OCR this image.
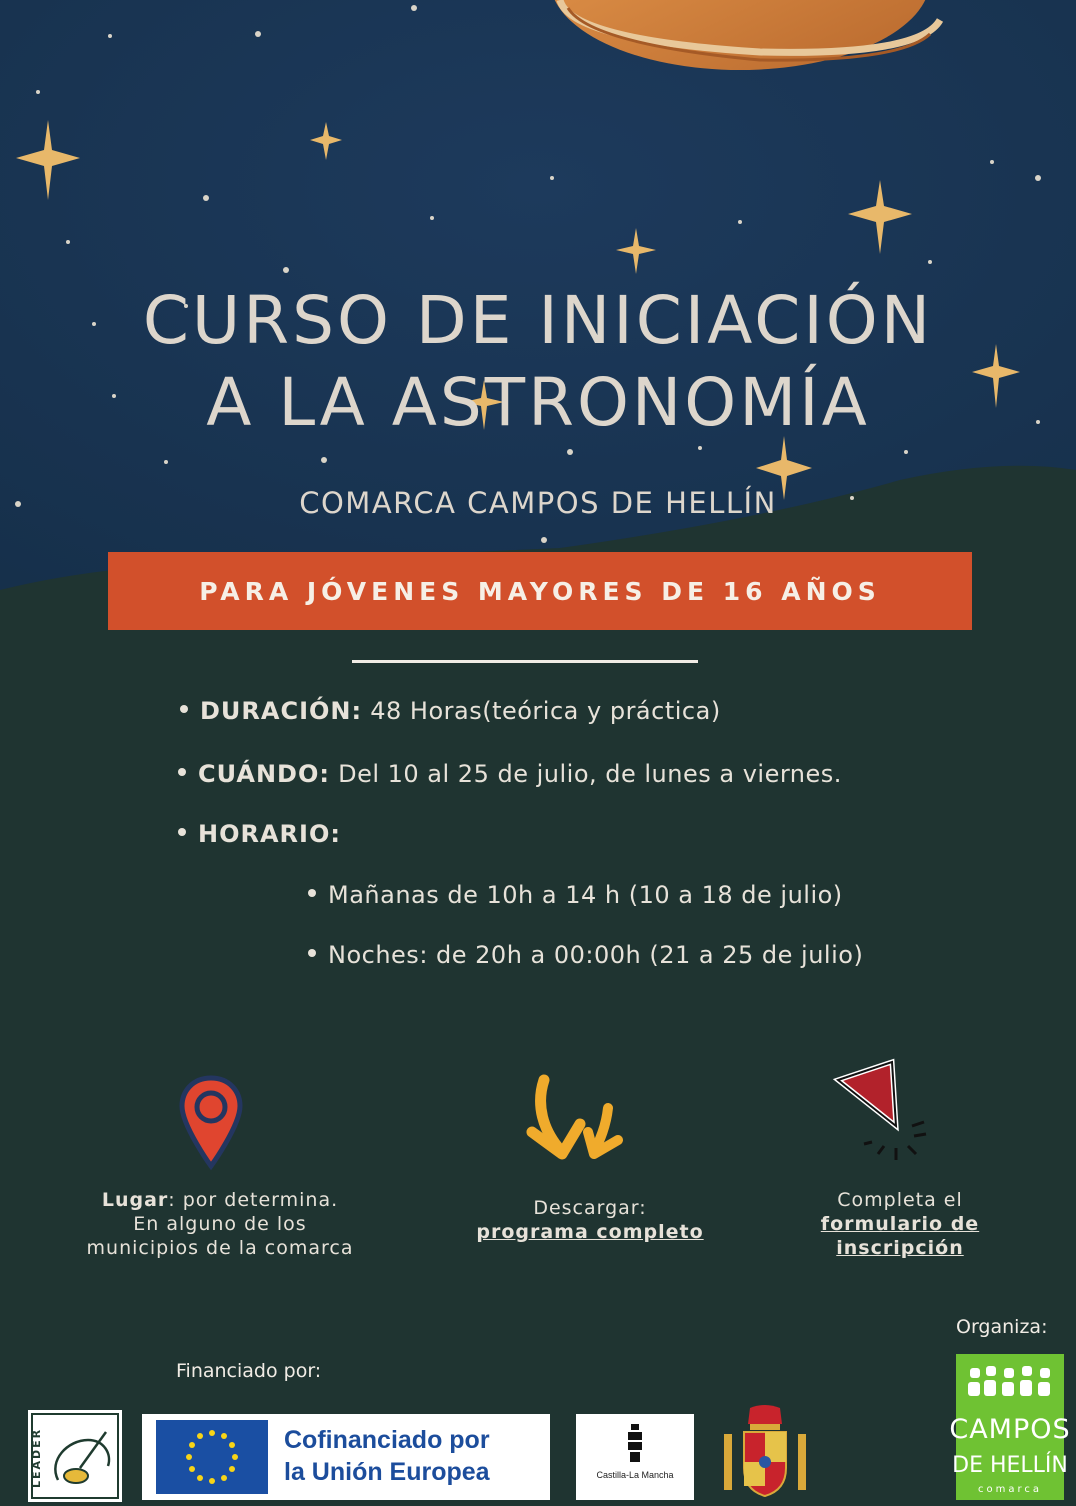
CURSO DE INICIACIÓN
A LA ASTRONOMÍA
COMARCA CAMPOS DE HELLÍN
PARA JÓVENES MAYORES DE 16 AÑOS
DURACIÓN: 48 Horas(teórica y práctica)
CUÁNDO: Del 10 al 25 de julio, de lunes a viernes.
HORARIO:
Mañanas de 10h a 14 h (10 a 18 de julio)
Noches: de 20h a 00:00h (21 a 25 de julio)
Lugar: por determina.
En alguno de los
municipios de la comarca
Descargar:
programa completo
Completa el
formulario de
inscripción
Organiza:
Financiado por:
LEADER	Cofinanciado por
la Unión Europea	Castilla-La Mancha
CAMPOS
DE HELLÍN
comarca
